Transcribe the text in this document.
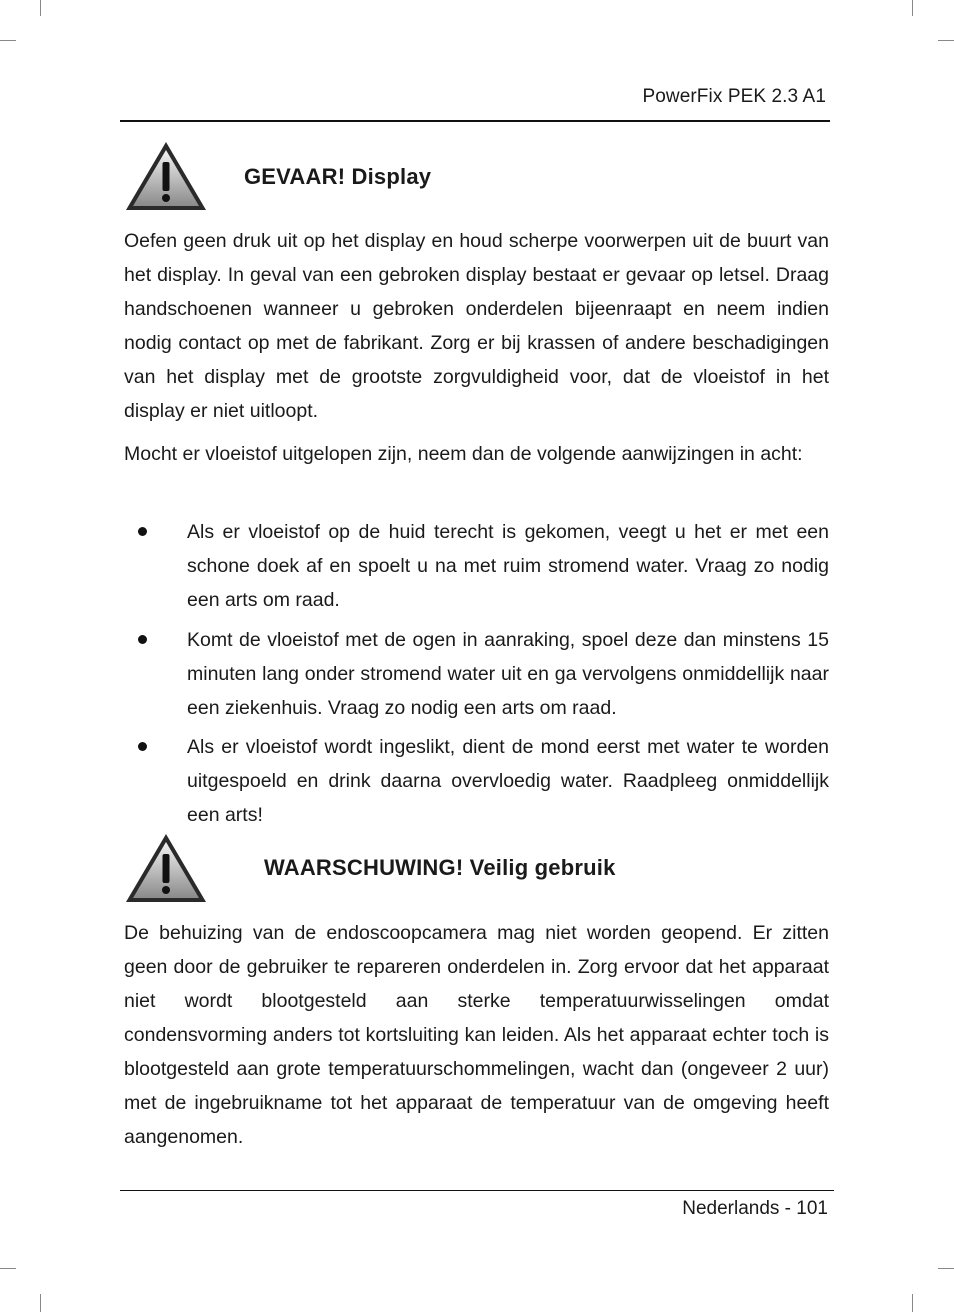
PowerFix PEK 2.3 A1
GEVAAR! Display

Oefen geen druk uit op het display en houd scherpe voorwerpen uit de buurt van het display. In geval van een gebroken display bestaat er gevaar op letsel. Draag handschoenen wanneer u gebroken onderdelen bijeenraapt en neem indien nodig contact op met de fabrikant. Zorg er bij krassen of andere beschadigingen van het display met de grootste zorgvuldigheid voor, dat de vloeistof in het display er niet uitloopt.

Mocht er vloeistof uitgelopen zijn, neem dan de volgende aanwijzingen in acht:

Als er vloeistof op de huid terecht is gekomen, veegt u het er met een schone doek af en spoelt u na met ruim stromend water. Vraag zo nodig een arts om raad.

Komt de vloeistof met de ogen in aanraking, spoel deze dan minstens 15 minuten lang onder stromend water uit en ga vervolgens onmiddellijk naar een ziekenhuis. Vraag zo nodig een arts om raad.

Als er vloeistof wordt ingeslikt, dient de mond eerst met water te worden uitgespoeld en drink daarna overvloedig water. Raadpleeg onmiddellijk een arts!

WAARSCHUWING! Veilig gebruik

De behuizing van de endoscoopcamera mag niet worden geopend. Er zitten geen door de gebruiker te repareren onderdelen in. Zorg ervoor dat het apparaat niet wordt blootgesteld aan sterke temperatuurwisselingen omdat condensvorming anders tot kortsluiting kan leiden. Als het apparaat echter toch is blootgesteld aan grote temperatuurschommelingen, wacht dan (ongeveer 2 uur) met de ingebruikname tot het apparaat de temperatuur van de omgeving heeft aangenomen.

Nederlands - 101
